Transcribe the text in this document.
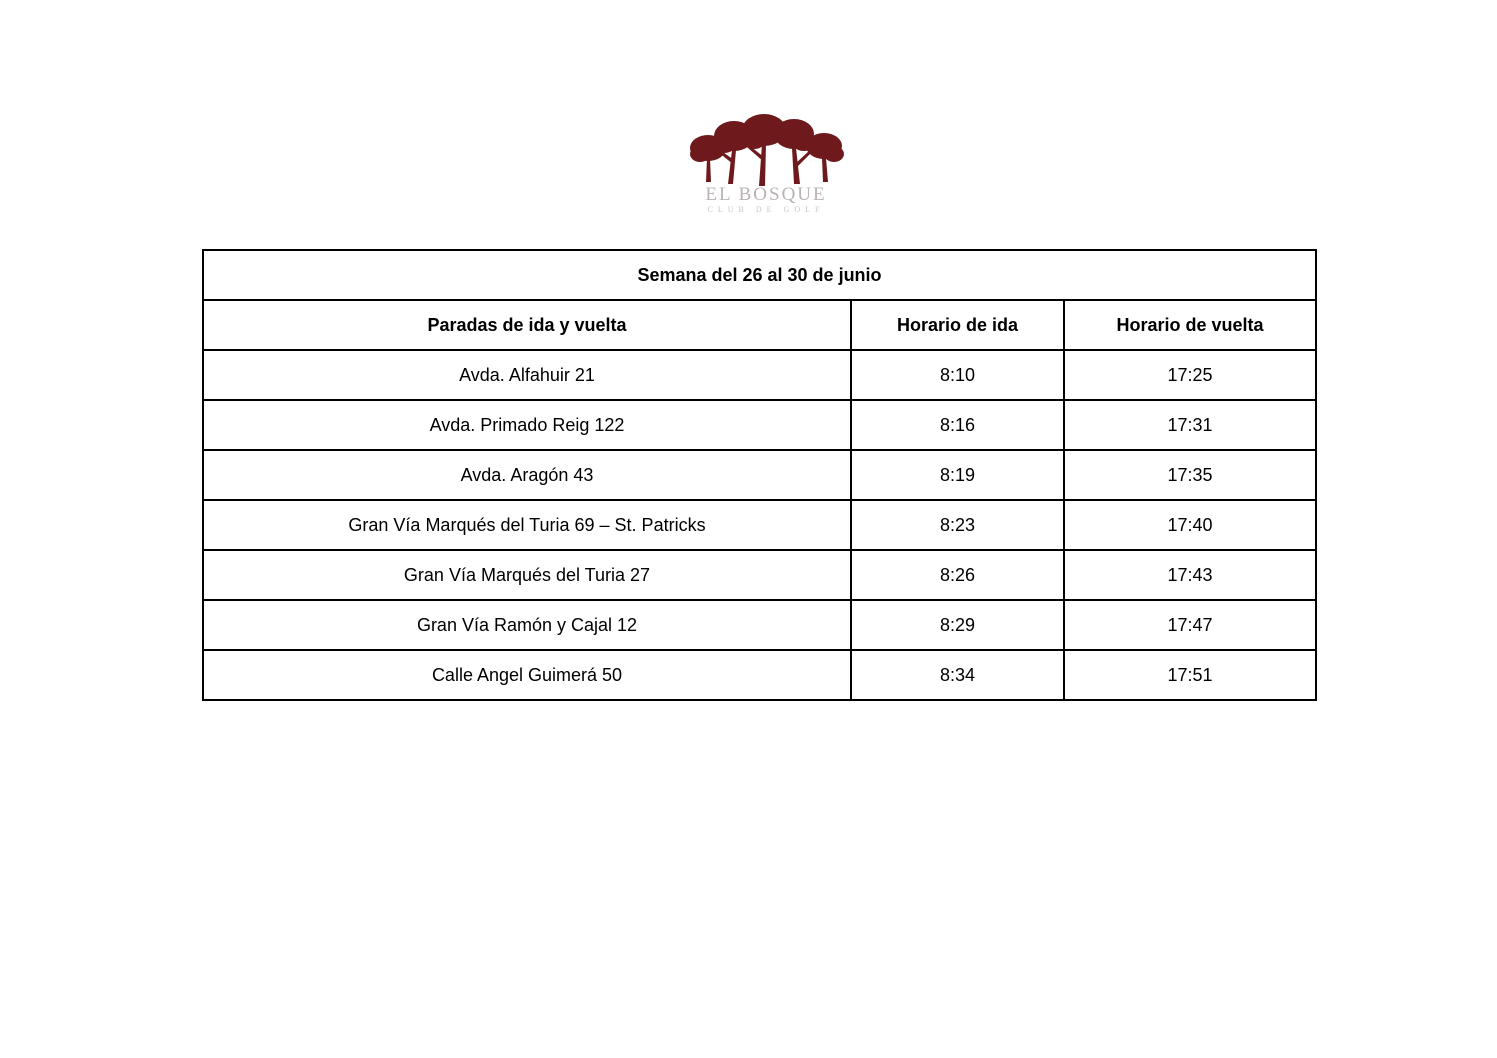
EL BOSQUE
CLUB DE GOLF
Semana del 26 al 30 de junio		
Paradas de ida y vuelta	Horario de ida	Horario de vuelta
Avda. Alfahuir 21	8:10	17:25
Avda. Primado Reig 122	8:16	17:31
Avda. Aragón 43	8:19	17:35
Gran Vía Marqués del Turia 69 – St. Patricks	8:23	17:40
Gran Vía Marqués del Turia 27	8:26	17:43
Gran Vía Ramón y Cajal 12	8:29	17:47
Calle Angel Guimerá 50	8:34	17:51
